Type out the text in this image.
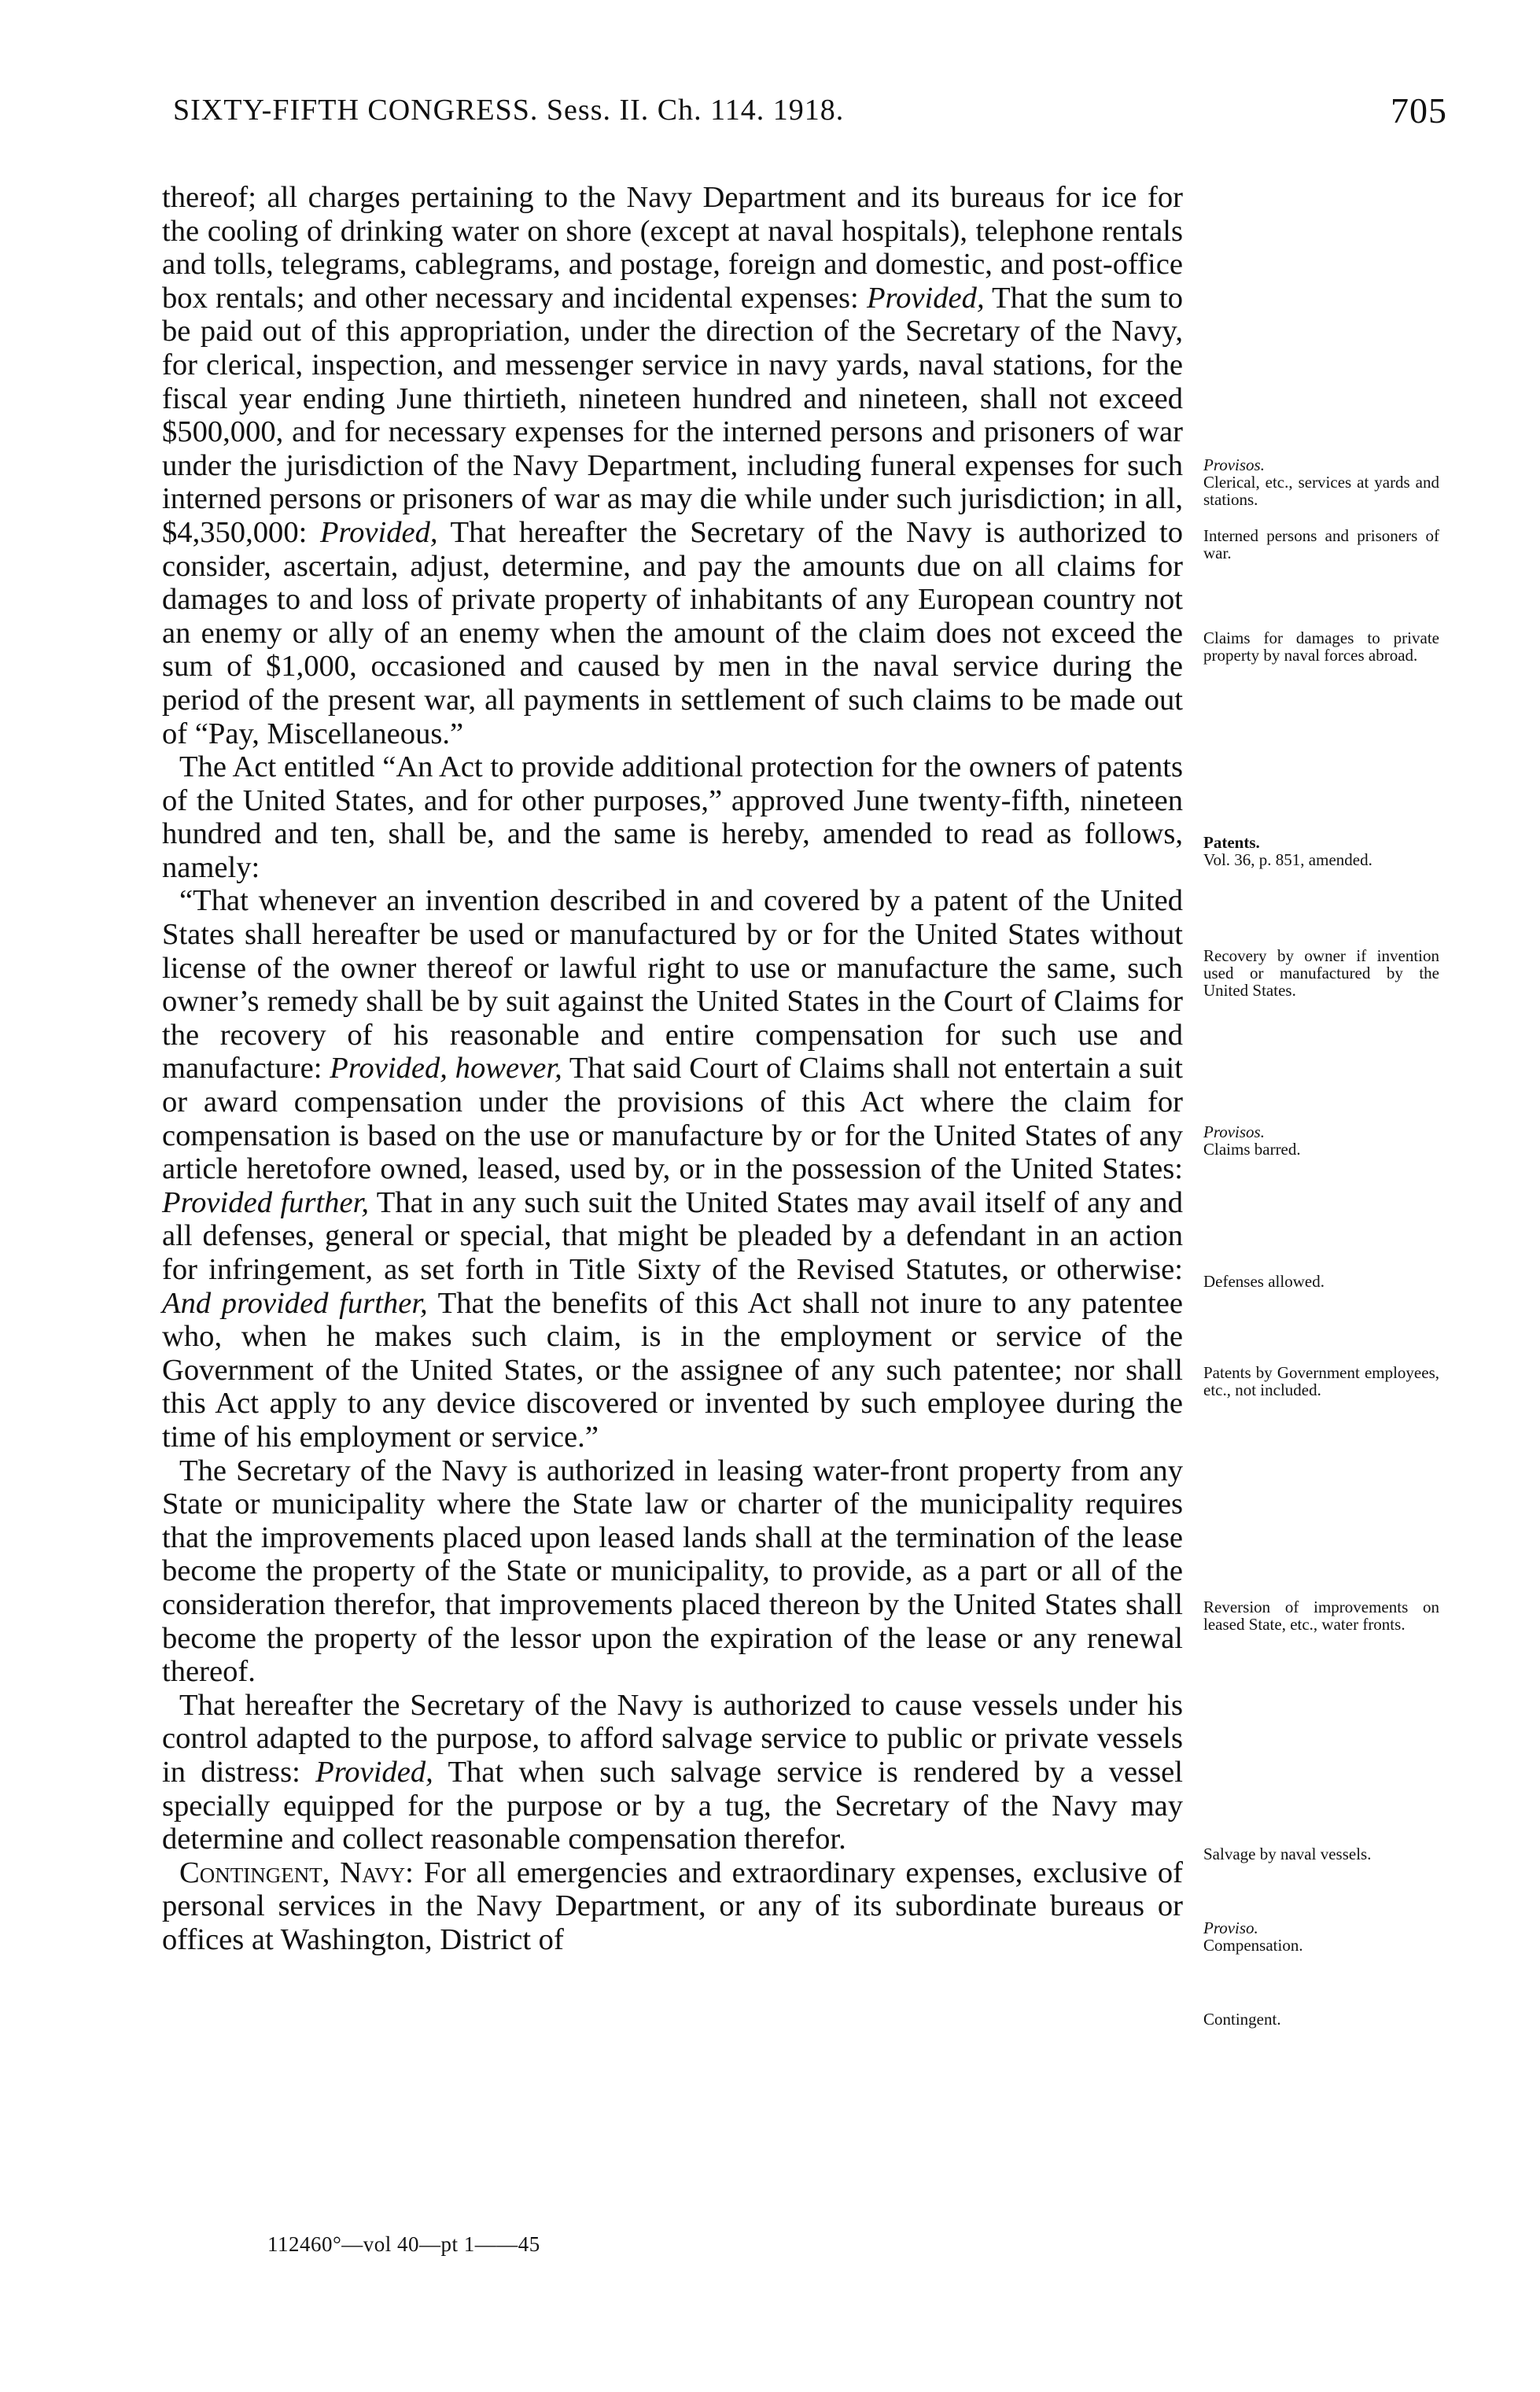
SIXTY-FIFTH CONGRESS. Sess. II. Ch. 114. 1918.	705

thereof; all charges pertaining to the Navy Department and its bureaus for ice for the cooling of drinking water on shore (except at naval hospitals), telephone rentals and tolls, telegrams, cablegrams, and postage, foreign and domestic, and post-office box rentals; and other necessary and incidental expenses: Provided, That the sum to be paid out of this appropriation, under the direction of the Secretary of the Navy, for clerical, inspection, and messenger service in navy yards, naval stations, for the fiscal year ending June thirtieth, nineteen hundred and nineteen, shall not exceed $500,000, and for necessary expenses for the interned persons and prisoners of war under the jurisdiction of the Navy Department, including funeral expenses for such interned persons or prisoners of war as may die while under such jurisdiction; in all, $4,350,000: Provided, That hereafter the Secretary of the Navy is authorized to consider, ascertain, adjust, determine, and pay the amounts due on all claims for damages to and loss of private property of inhabitants of any European country not an enemy or ally of an enemy when the amount of the claim does not exceed the sum of $1,000, occasioned and caused by men in the naval service during the period of the present war, all payments in settlement of such claims to be made out of “Pay, Miscellaneous.”

The Act entitled “An Act to provide additional protection for the owners of patents of the United States, and for other purposes,” approved June twenty-fifth, nineteen hundred and ten, shall be, and the same is hereby, amended to read as follows, namely:

“That whenever an invention described in and covered by a patent of the United States shall hereafter be used or manufactured by or for the United States without license of the owner thereof or lawful right to use or manufacture the same, such owner’s remedy shall be by suit against the United States in the Court of Claims for the recovery of his reasonable and entire compensation for such use and manufacture: Provided, however, That said Court of Claims shall not entertain a suit or award compensation under the provisions of this Act where the claim for compensation is based on the use or manufacture by or for the United States of any article heretofore owned, leased, used by, or in the possession of the United States: Provided further, That in any such suit the United States may avail itself of any and all defenses, general or special, that might be pleaded by a defendant in an action for infringement, as set forth in Title Sixty of the Revised Statutes, or otherwise: And provided further, That the benefits of this Act shall not inure to any patentee who, when he makes such claim, is in the employment or service of the Government of the United States, or the assignee of any such patentee; nor shall this Act apply to any device discovered or invented by such employee during the time of his employment or service.”

The Secretary of the Navy is authorized in leasing water-front property from any State or municipality where the State law or charter of the municipality requires that the improvements placed upon leased lands shall at the termination of the lease become the property of the State or municipality, to provide, as a part or all of the consideration therefor, that improvements placed thereon by the United States shall become the property of the lessor upon the expiration of the lease or any renewal thereof.

That hereafter the Secretary of the Navy is authorized to cause vessels under his control adapted to the purpose, to afford salvage service to public or private vessels in distress: Provided, That when such salvage service is rendered by a vessel specially equipped for the purpose or by a tug, the Secretary of the Navy may determine and collect reasonable compensation therefor.

Contingent, Navy: For all emergencies and extraordinary expenses, exclusive of personal services in the Navy Department, or any of its subordinate bureaus or offices at Washington, District of

Provisos.
Clerical, etc., services at yards and stations.
Interned persons and prisoners of war.
Claims for damages to private property by naval forces abroad.
Patents.
Vol. 36, p. 851, amended.
Recovery by owner if invention used or manufactured by the United States.
Provisos.
Claims barred.
Defenses allowed.
Patents by Government employees, etc., not included.
Reversion of improvements on leased State, etc., water fronts.
Salvage by naval vessels.
Proviso.
Compensation.
Contingent.
112460°—vol 40—pt 1——45
